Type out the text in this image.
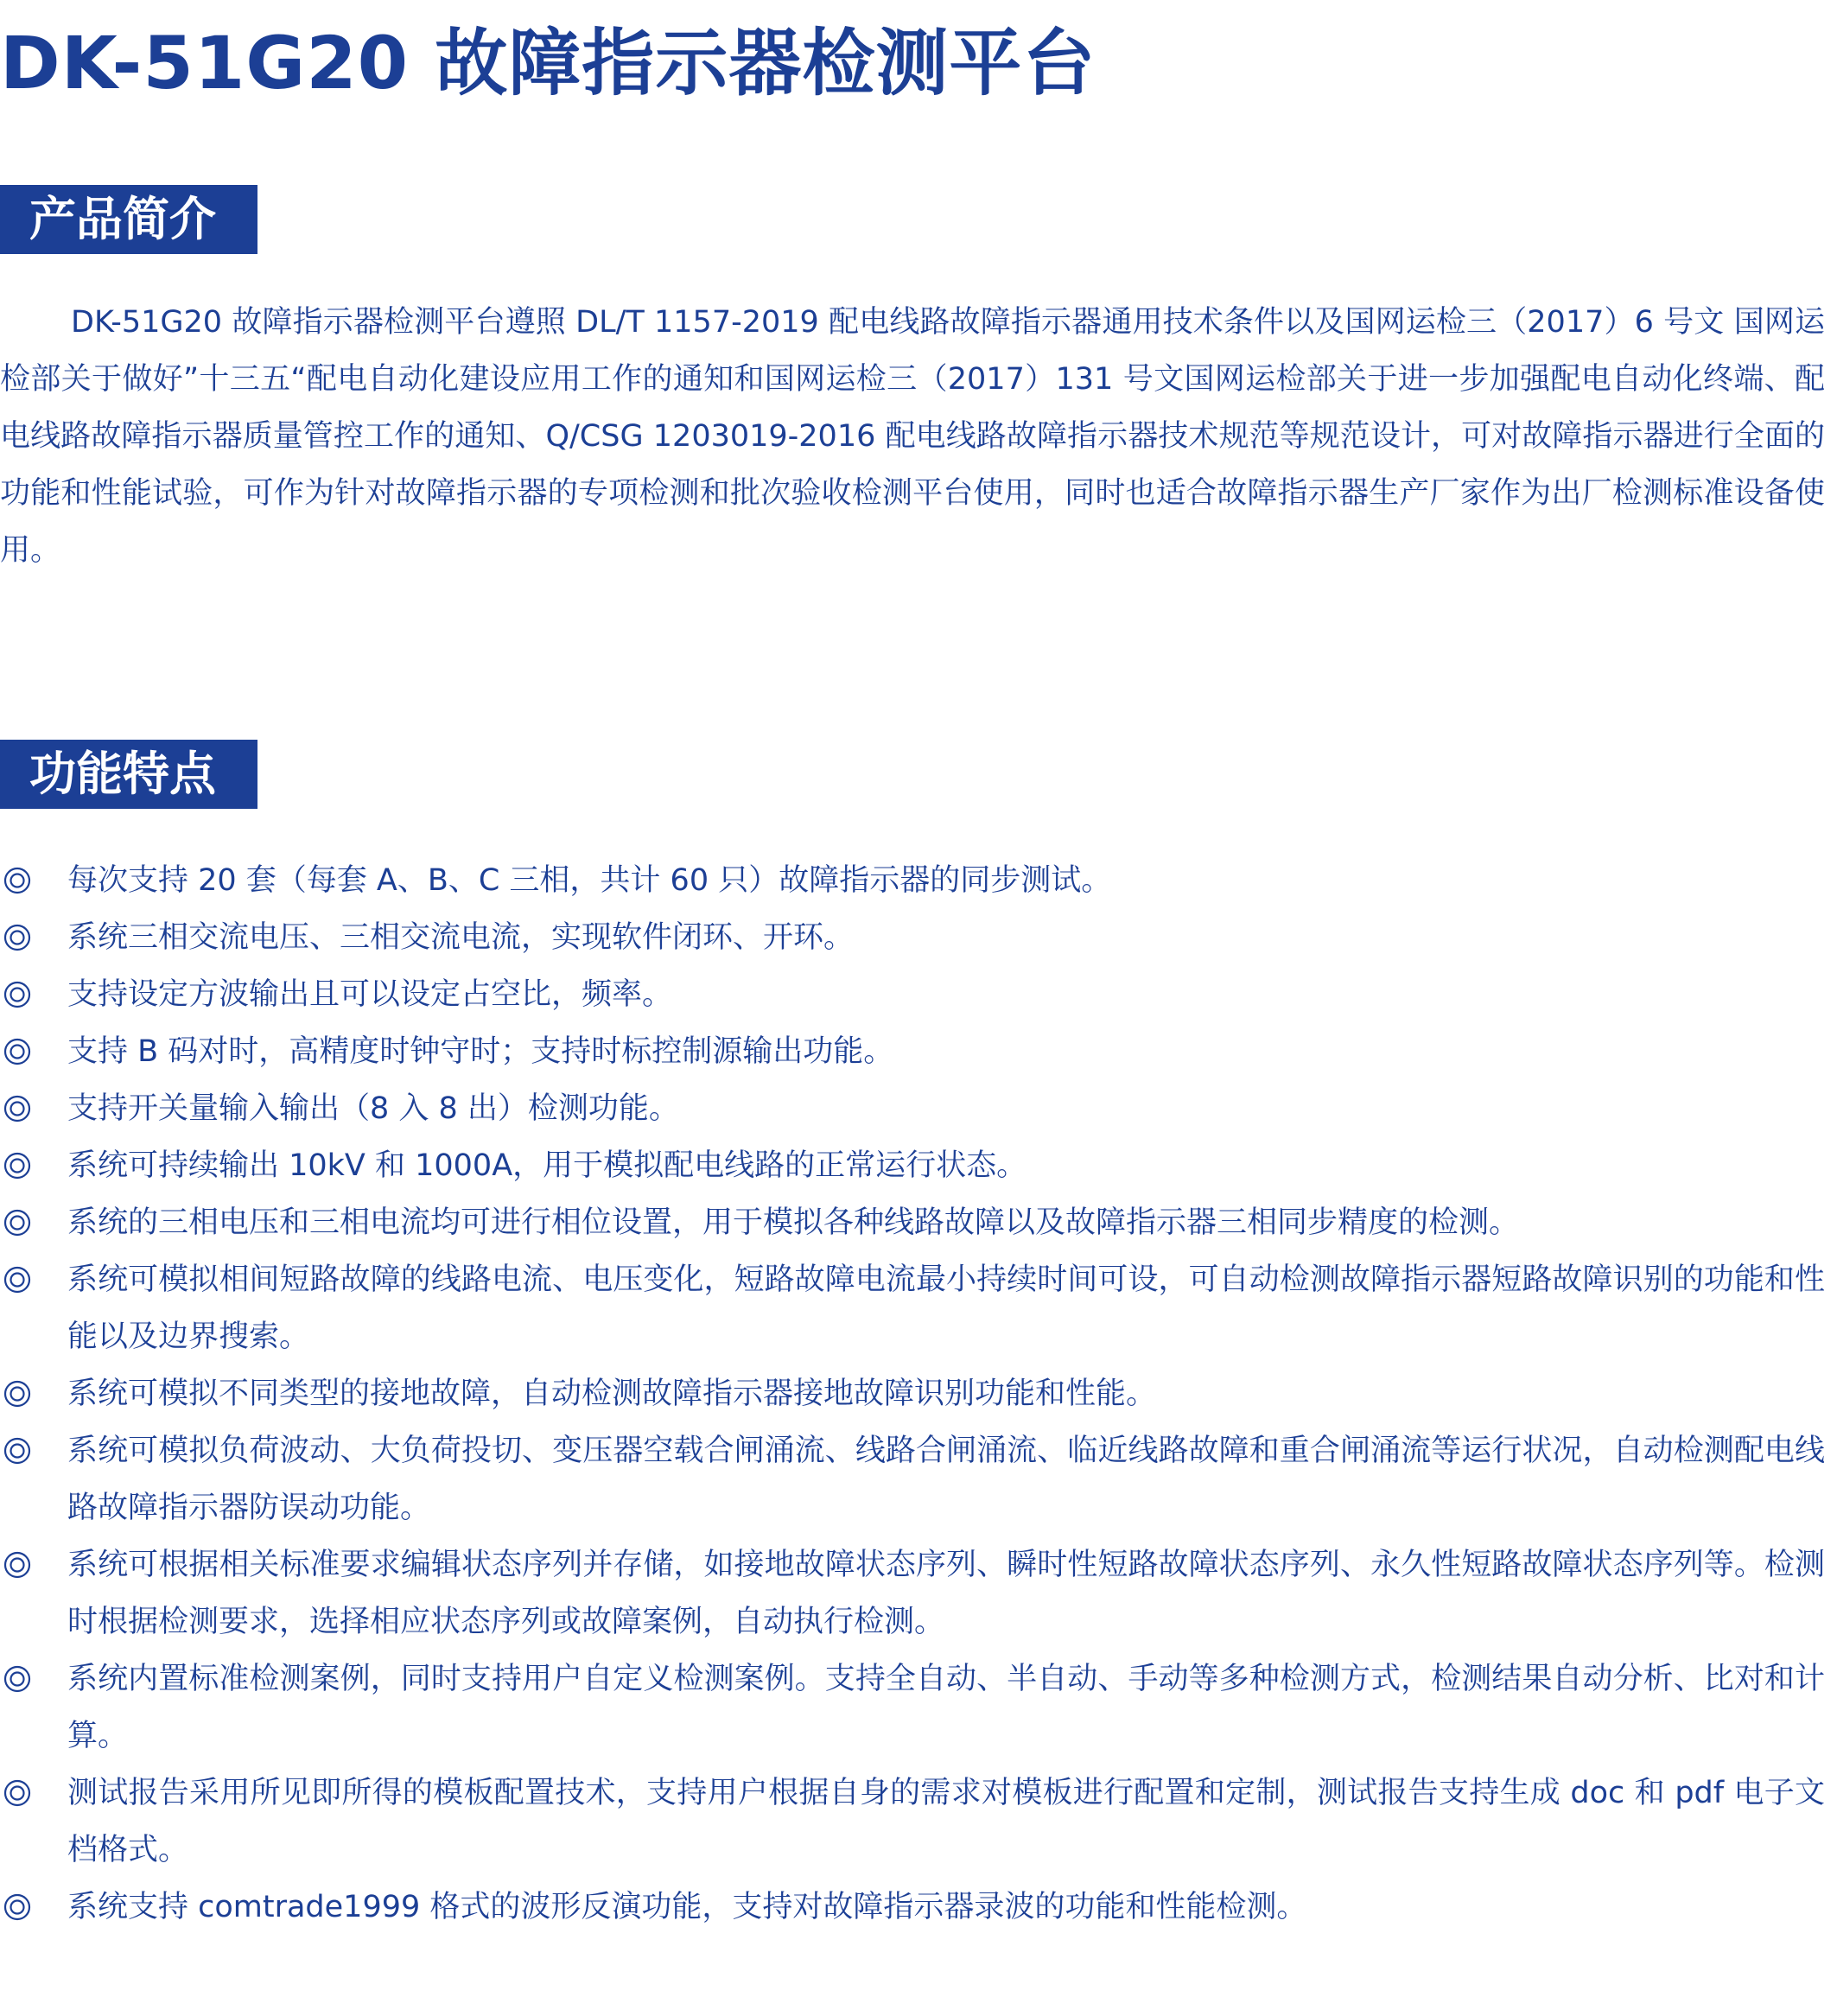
DK-51G20 故障指示器检测平台
产品简介

DK-51G20 故障指示器检测平台遵照 DL/T 1157-2019 配电线路故障指示器通用技术条件以及国网运检三（2017）6 号文 国网运检部关于做好”十三五“配电自动化建设应用工作的通知和国网运检三（2017）131 号文国网运检部关于进一步加强配电自动化终端、配电线路故障指示器质量管控工作的通知、Q/CSG 1203019-2016 配电线路故障指示器技术规范等规范设计，可对故障指示器进行全面的功能和性能试验，可作为针对故障指示器的专项检测和批次验收检测平台使用，同时也适合故障指示器生产厂家作为出厂检测标准设备使用。

功能特点
每次支持 20 套（每套 A、B、C 三相，共计 60 只）故障指示器的同步测试。
系统三相交流电压、三相交流电流，实现软件闭环、开环。
支持设定方波输出且可以设定占空比，频率。
支持 B 码对时，高精度时钟守时；支持时标控制源输出功能。
支持开关量输入输出（8 入 8 出）检测功能。
系统可持续输出 10kV 和 1000A，用于模拟配电线路的正常运行状态。
系统的三相电压和三相电流均可进行相位设置，用于模拟各种线路故障以及故障指示器三相同步精度的检测。
系统可模拟相间短路故障的线路电流、电压变化，短路故障电流最小持续时间可设，可自动检测故障指示器短路故障识别的功能和性能以及边界搜索。
系统可模拟不同类型的接地故障，自动检测故障指示器接地故障识别功能和性能。
系统可模拟负荷波动、大负荷投切、变压器空载合闸涌流、线路合闸涌流、临近线路故障和重合闸涌流等运行状况，自动检测配电线路故障指示器防误动功能。
系统可根据相关标准要求编辑状态序列并存储，如接地故障状态序列、瞬时性短路故障状态序列、永久性短路故障状态序列等。检测时根据检测要求，选择相应状态序列或故障案例，自动执行检测。
系统内置标准检测案例，同时支持用户自定义检测案例。支持全自动、半自动、手动等多种检测方式，检测结果自动分析、比对和计算。
测试报告采用所见即所得的模板配置技术，支持用户根据自身的需求对模板进行配置和定制，测试报告支持生成 doc 和 pdf 电子文档格式。
系统支持 comtrade1999 格式的波形反演功能，支持对故障指示器录波的功能和性能检测。
